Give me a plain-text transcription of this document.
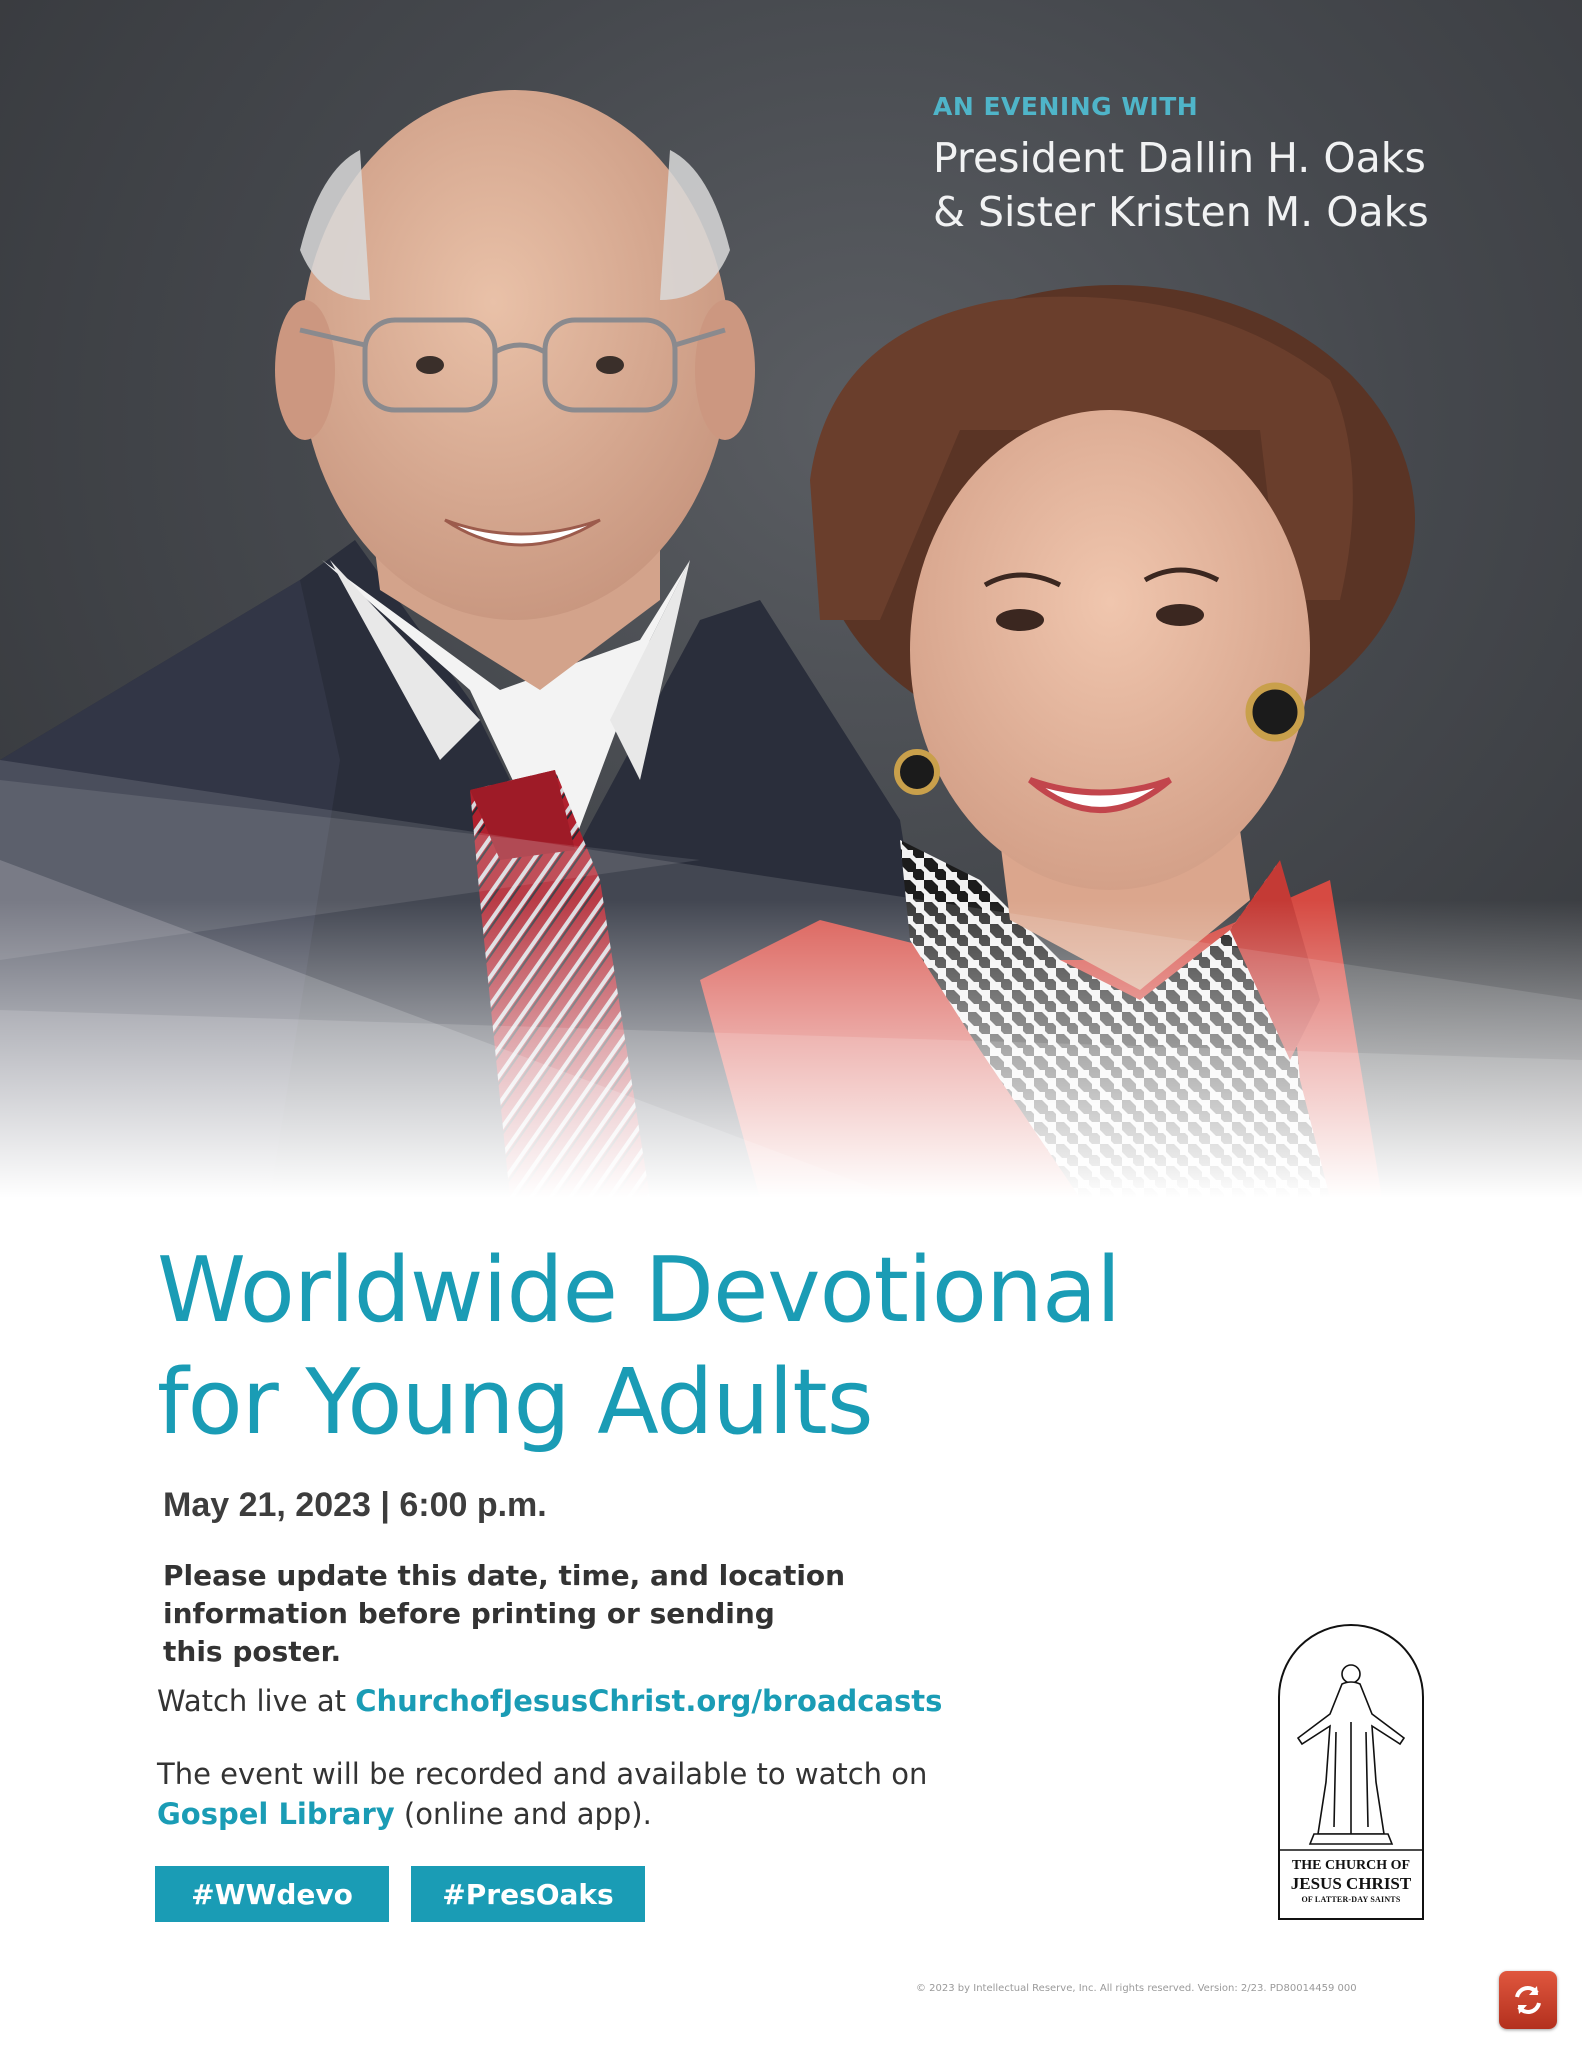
AN EVENING WITH

President Dallin H. Oaks

& Sister Kristen M. Oaks

Worldwide Devotional
for Young Adults

May 21, 2023 | 6:00 p.m.

Please update this date, time, and location
information before printing or sending
this poster.

Watch live at ChurchofJesusChrist.org/broadcasts

The event will be recorded and available to watch on
Gospel Library (online and app).

#WWdevo	#PresOaks

THE CHURCH OF

JESUS CHRIST

OF LATTER-DAY SAINTS

© 2023 by Intellectual Reserve, Inc. All rights reserved. Version: 2/23. PD80014459 000
